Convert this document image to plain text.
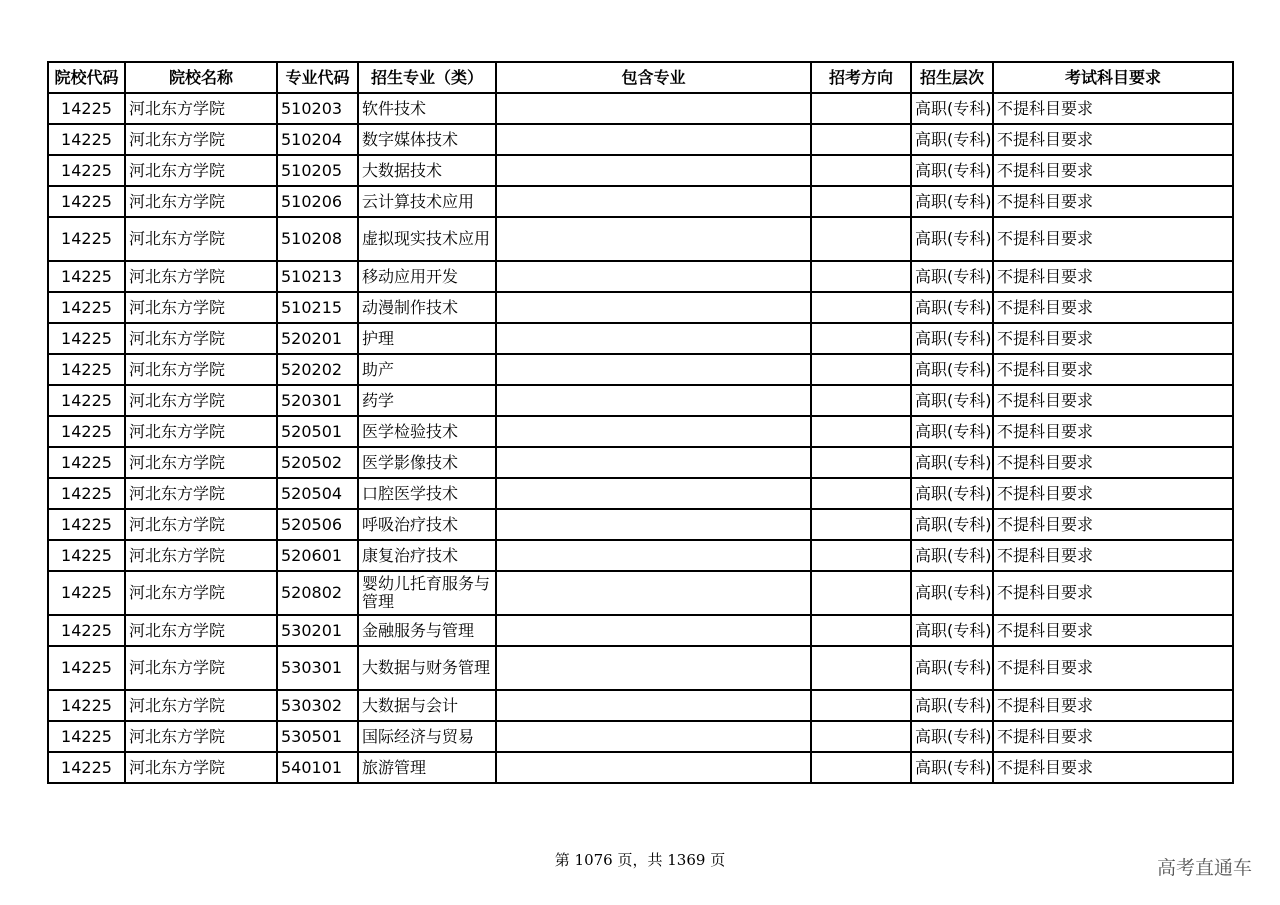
院校代码	院校名称	专业代码	招生专业（类）	包含专业	招考方向	招生层次	考试科目要求
14225	河北东方学院	510203	软件技术			高职(专科)	不提科目要求
14225	河北东方学院	510204	数字媒体技术			高职(专科)	不提科目要求
14225	河北东方学院	510205	大数据技术			高职(专科)	不提科目要求
14225	河北东方学院	510206	云计算技术应用			高职(专科)	不提科目要求
14225	河北东方学院	510208	虚拟现实技术应用			高职(专科)	不提科目要求
14225	河北东方学院	510213	移动应用开发			高职(专科)	不提科目要求
14225	河北东方学院	510215	动漫制作技术			高职(专科)	不提科目要求
14225	河北东方学院	520201	护理			高职(专科)	不提科目要求
14225	河北东方学院	520202	助产			高职(专科)	不提科目要求
14225	河北东方学院	520301	药学			高职(专科)	不提科目要求
14225	河北东方学院	520501	医学检验技术			高职(专科)	不提科目要求
14225	河北东方学院	520502	医学影像技术			高职(专科)	不提科目要求
14225	河北东方学院	520504	口腔医学技术			高职(专科)	不提科目要求
14225	河北东方学院	520506	呼吸治疗技术			高职(专科)	不提科目要求
14225	河北东方学院	520601	康复治疗技术			高职(专科)	不提科目要求
14225	河北东方学院	520802	婴幼儿托育服务与管理			高职(专科)	不提科目要求
14225	河北东方学院	530201	金融服务与管理			高职(专科)	不提科目要求
14225	河北东方学院	530301	大数据与财务管理			高职(专科)	不提科目要求
14225	河北东方学院	530302	大数据与会计			高职(专科)	不提科目要求
14225	河北东方学院	530501	国际经济与贸易			高职(专科)	不提科目要求
14225	河北东方学院	540101	旅游管理			高职(专科)	不提科目要求
第 1076 页，共 1369 页	高考直通车
